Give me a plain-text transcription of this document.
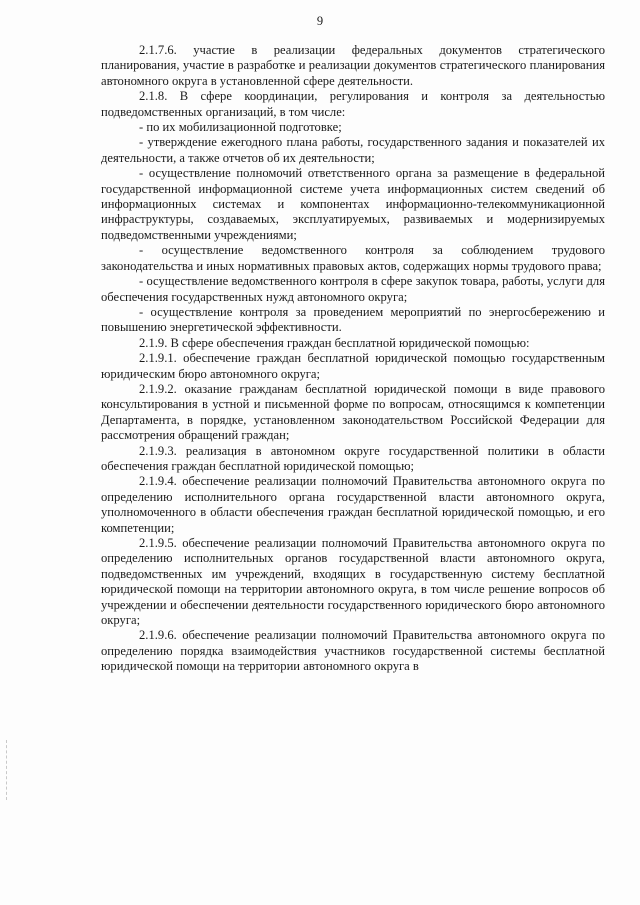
9

2.1.7.6. участие в реализации федеральных документов стратегического планирования, участие в разработке и реализации документов стратегического планирования автономного округа в установленной сфере деятельности.

2.1.8. В сфере координации, регулирования и контроля за деятельностью подведомственных организаций, в том числе:

- по их мобилизационной подготовке;

- утверждение ежегодного плана работы, государственного задания и показателей их деятельности, а также отчетов об их деятельности;

- осуществление полномочий ответственного органа за размещение в федеральной государственной информационной системе учета информационных систем сведений об информационных системах и компонентах информационно-телекоммуникационной инфраструктуры, создаваемых, эксплуатируемых, развиваемых и модернизируемых подведомственными учреждениями;

- осуществление ведомственного контроля за соблюдением трудового законодательства и иных нормативных правовых актов, содержащих нормы трудового права;

- осуществление ведомственного контроля в сфере закупок товара, работы, услуги для обеспечения государственных нужд автономного округа;

- осуществление контроля за проведением мероприятий по энергосбережению и повышению энергетической эффективности.

2.1.9. В сфере обеспечения граждан бесплатной юридической помощью:

2.1.9.1. обеспечение граждан бесплатной юридической помощью государственным юридическим бюро автономного округа;

2.1.9.2. оказание гражданам бесплатной юридической помощи в виде правового консультирования в устной и письменной форме по вопросам, относящимся к компетенции Департамента, в порядке, установленном законодательством Российской Федерации для рассмотрения обращений граждан;

2.1.9.3. реализация в автономном округе государственной политики в области обеспечения граждан бесплатной юридической помощью;

2.1.9.4. обеспечение реализации полномочий Правительства автономного округа по определению исполнительного органа государственной власти автономного округа, уполномоченного в области обеспечения граждан бесплатной юридической помощью, и его компетенции;

2.1.9.5. обеспечение реализации полномочий Правительства автономного округа по определению исполнительных органов государственной власти автономного округа, подведомственных им учреждений, входящих в государственную систему бесплатной юридической помощи на территории автономного округа, в том числе решение вопросов об учреждении и обеспечении деятельности государственного юридического бюро автономного округа;

2.1.9.6. обеспечение реализации полномочий Правительства автономного округа по определению порядка взаимодействия участников государственной системы бесплатной юридической помощи на территории автономного округа в
